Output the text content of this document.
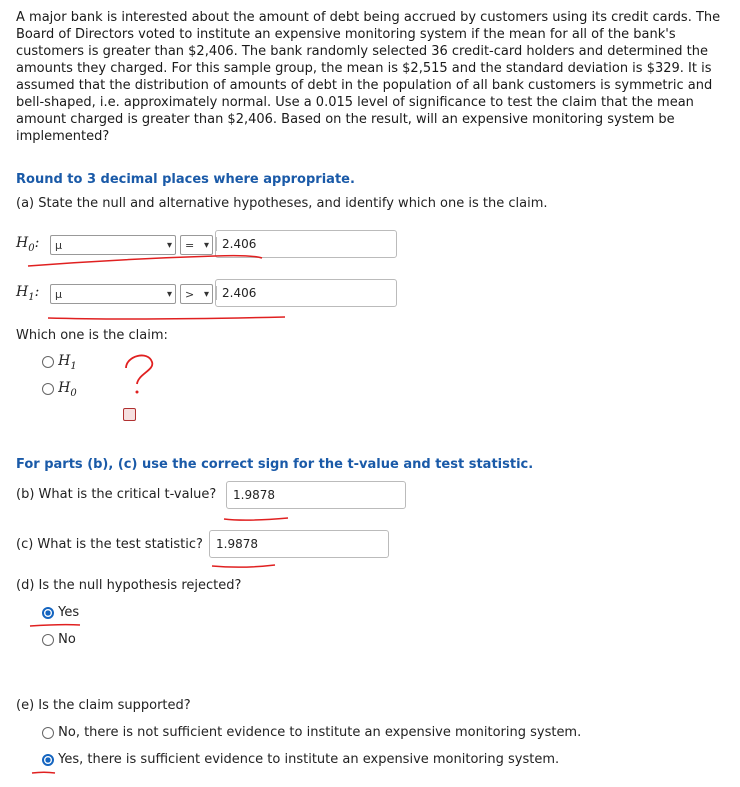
A major bank is interested about the amount of debt being accrued by customers using its credit cards. The Board of Directors voted to institute an expensive monitoring system if the mean for all of the bank's customers is greater than $2,406. The bank randomly selected 36 credit-card holders and determined the amounts they charged. For this sample group, the mean is $2,515 and the standard deviation is $329. It is assumed that the distribution of amounts of debt in the population of all bank customers is symmetric and bell-shaped, i.e. approximately normal. Use a 0.015 level of significance to test the claim that the mean amount charged is greater than $2,406. Based on the result, will an expensive monitoring system be implemented?
Round to 3 decimal places where appropriate.
(a) State the null and alternative hypotheses, and identify which one is the claim.
$H_0$: μ	▾ = ▾	2.406
$H_1$: μ	▾ > ▾	2.406
Which one is the claim:
$H_1$
$H_0$
For parts (b), (c) use the correct sign for the t-value and test statistic.
(b) What is the critical t-value? 1.9878
(c) What is the test statistic? 1.9878
(d) Is the null hypothesis rejected?
Yes
No
(e) Is the claim supported?
No, there is not sufficient evidence to institute an expensive monitoring system.
Yes, there is sufficient evidence to institute an expensive monitoring system.
